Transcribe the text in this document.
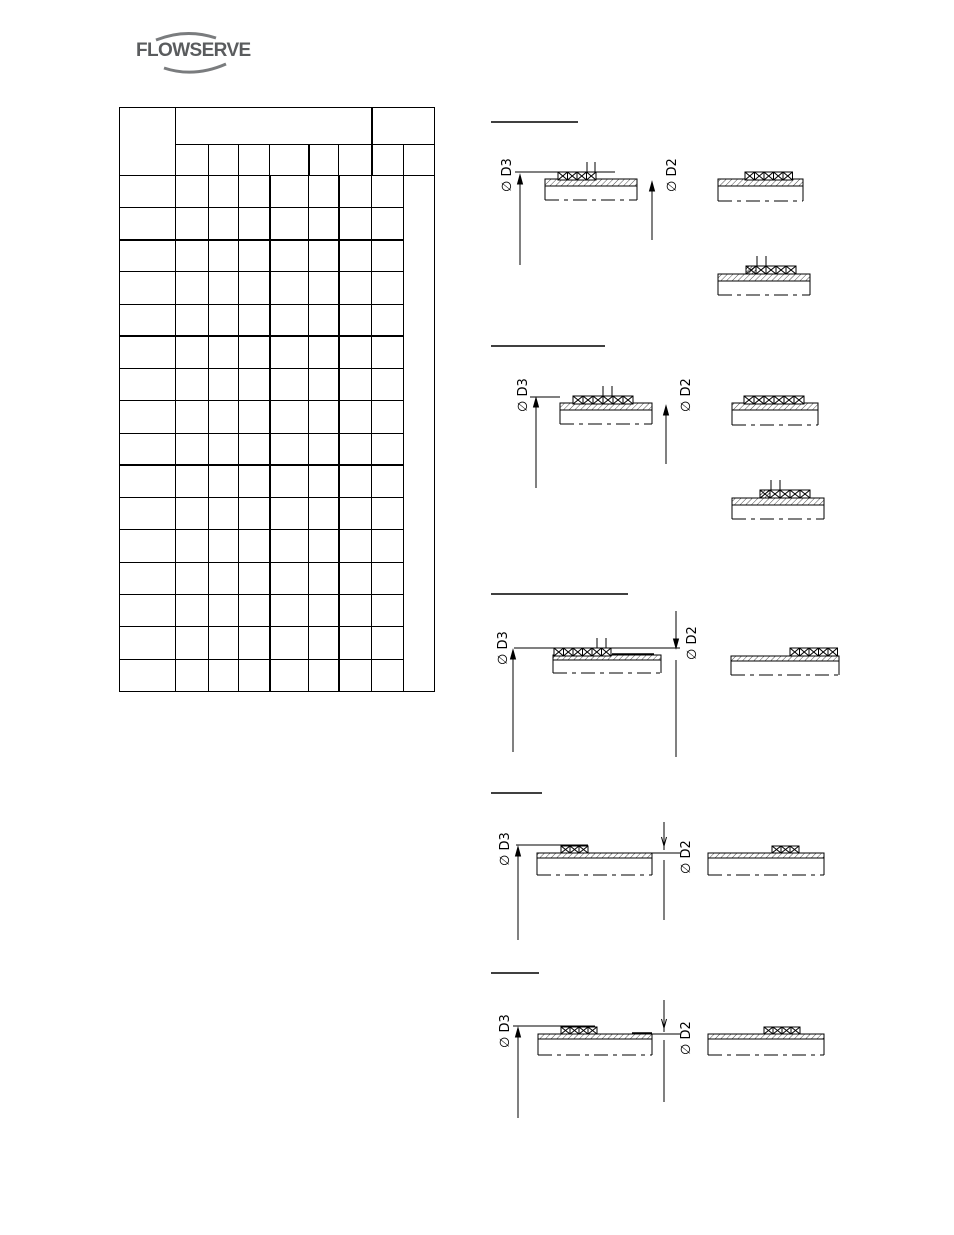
FLOWSERVE

∅ D3	∅ D2
∅ D3	∅ D2
∅ D3	∅ D2
∅ D3	∅ D2
∅ D3	∅ D2
